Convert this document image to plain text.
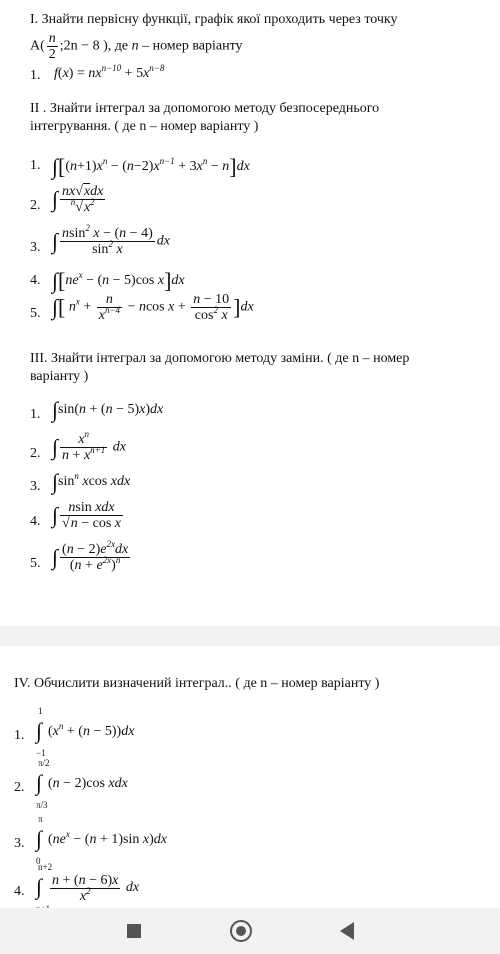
I. Знайти первісну функції, графік якої проходить через точку
$A( \frac{n}{2}$ ;2n − 8 ), де n – номер варіанту
1. $f(x) = nx^{n-10} + 5x^{n-8}$
II . Знайти інтеграл за допомогою методу безпосереднього
інтегрування. ( де n – номер варіанту )
1. $\int[(n+1)x^n - (n-2)x^{n-1} + 3x^n - n]dx$
2. ∫ $\frac{\text{nx√xdx}}{^n√x^2}$
3. ∫ $\frac{nsin^2 x - (n - 4)}{\sin^2 x}$ dx
4. $\int[ne^x - (n - 5)\cos$ x]dx
5. ∫[ $n^x + \frac{n}{x^{n-4}} - ncos$ $x + \frac{n - 10}{\cos^2 x} ]dx$
III. Знайти інтеграл за допомогою методу заміни. ( де n – номер
варіанту )
1. ∫sin(n + (n − 5)x)dx
2. ∫ $\frac{x^n}{n + x^{n+1}}$ dx
3. $\int\sin^n$ xcos xdx
4. ∫ $\frac{\text{nsin xdx}}{\text{√n − cos x}}$
5. ∫ $\frac{(n - 2)e^{2x}dx}{(n + e^{2x})^n}$
IV. Обчислити визначений інтеграл.. ( де n – номер варіанту )
1.
1
∫
−1
$(x^n + (n - 5))dx$
2.
π/2
∫
π/3
(n − 2)cos xdx
3.
π
∫
0
($ne^x - (n + 1)\sin$ x)dx
4.
n+2
∫ $\frac{n + (n - 6)x}{x^2}$ dx
